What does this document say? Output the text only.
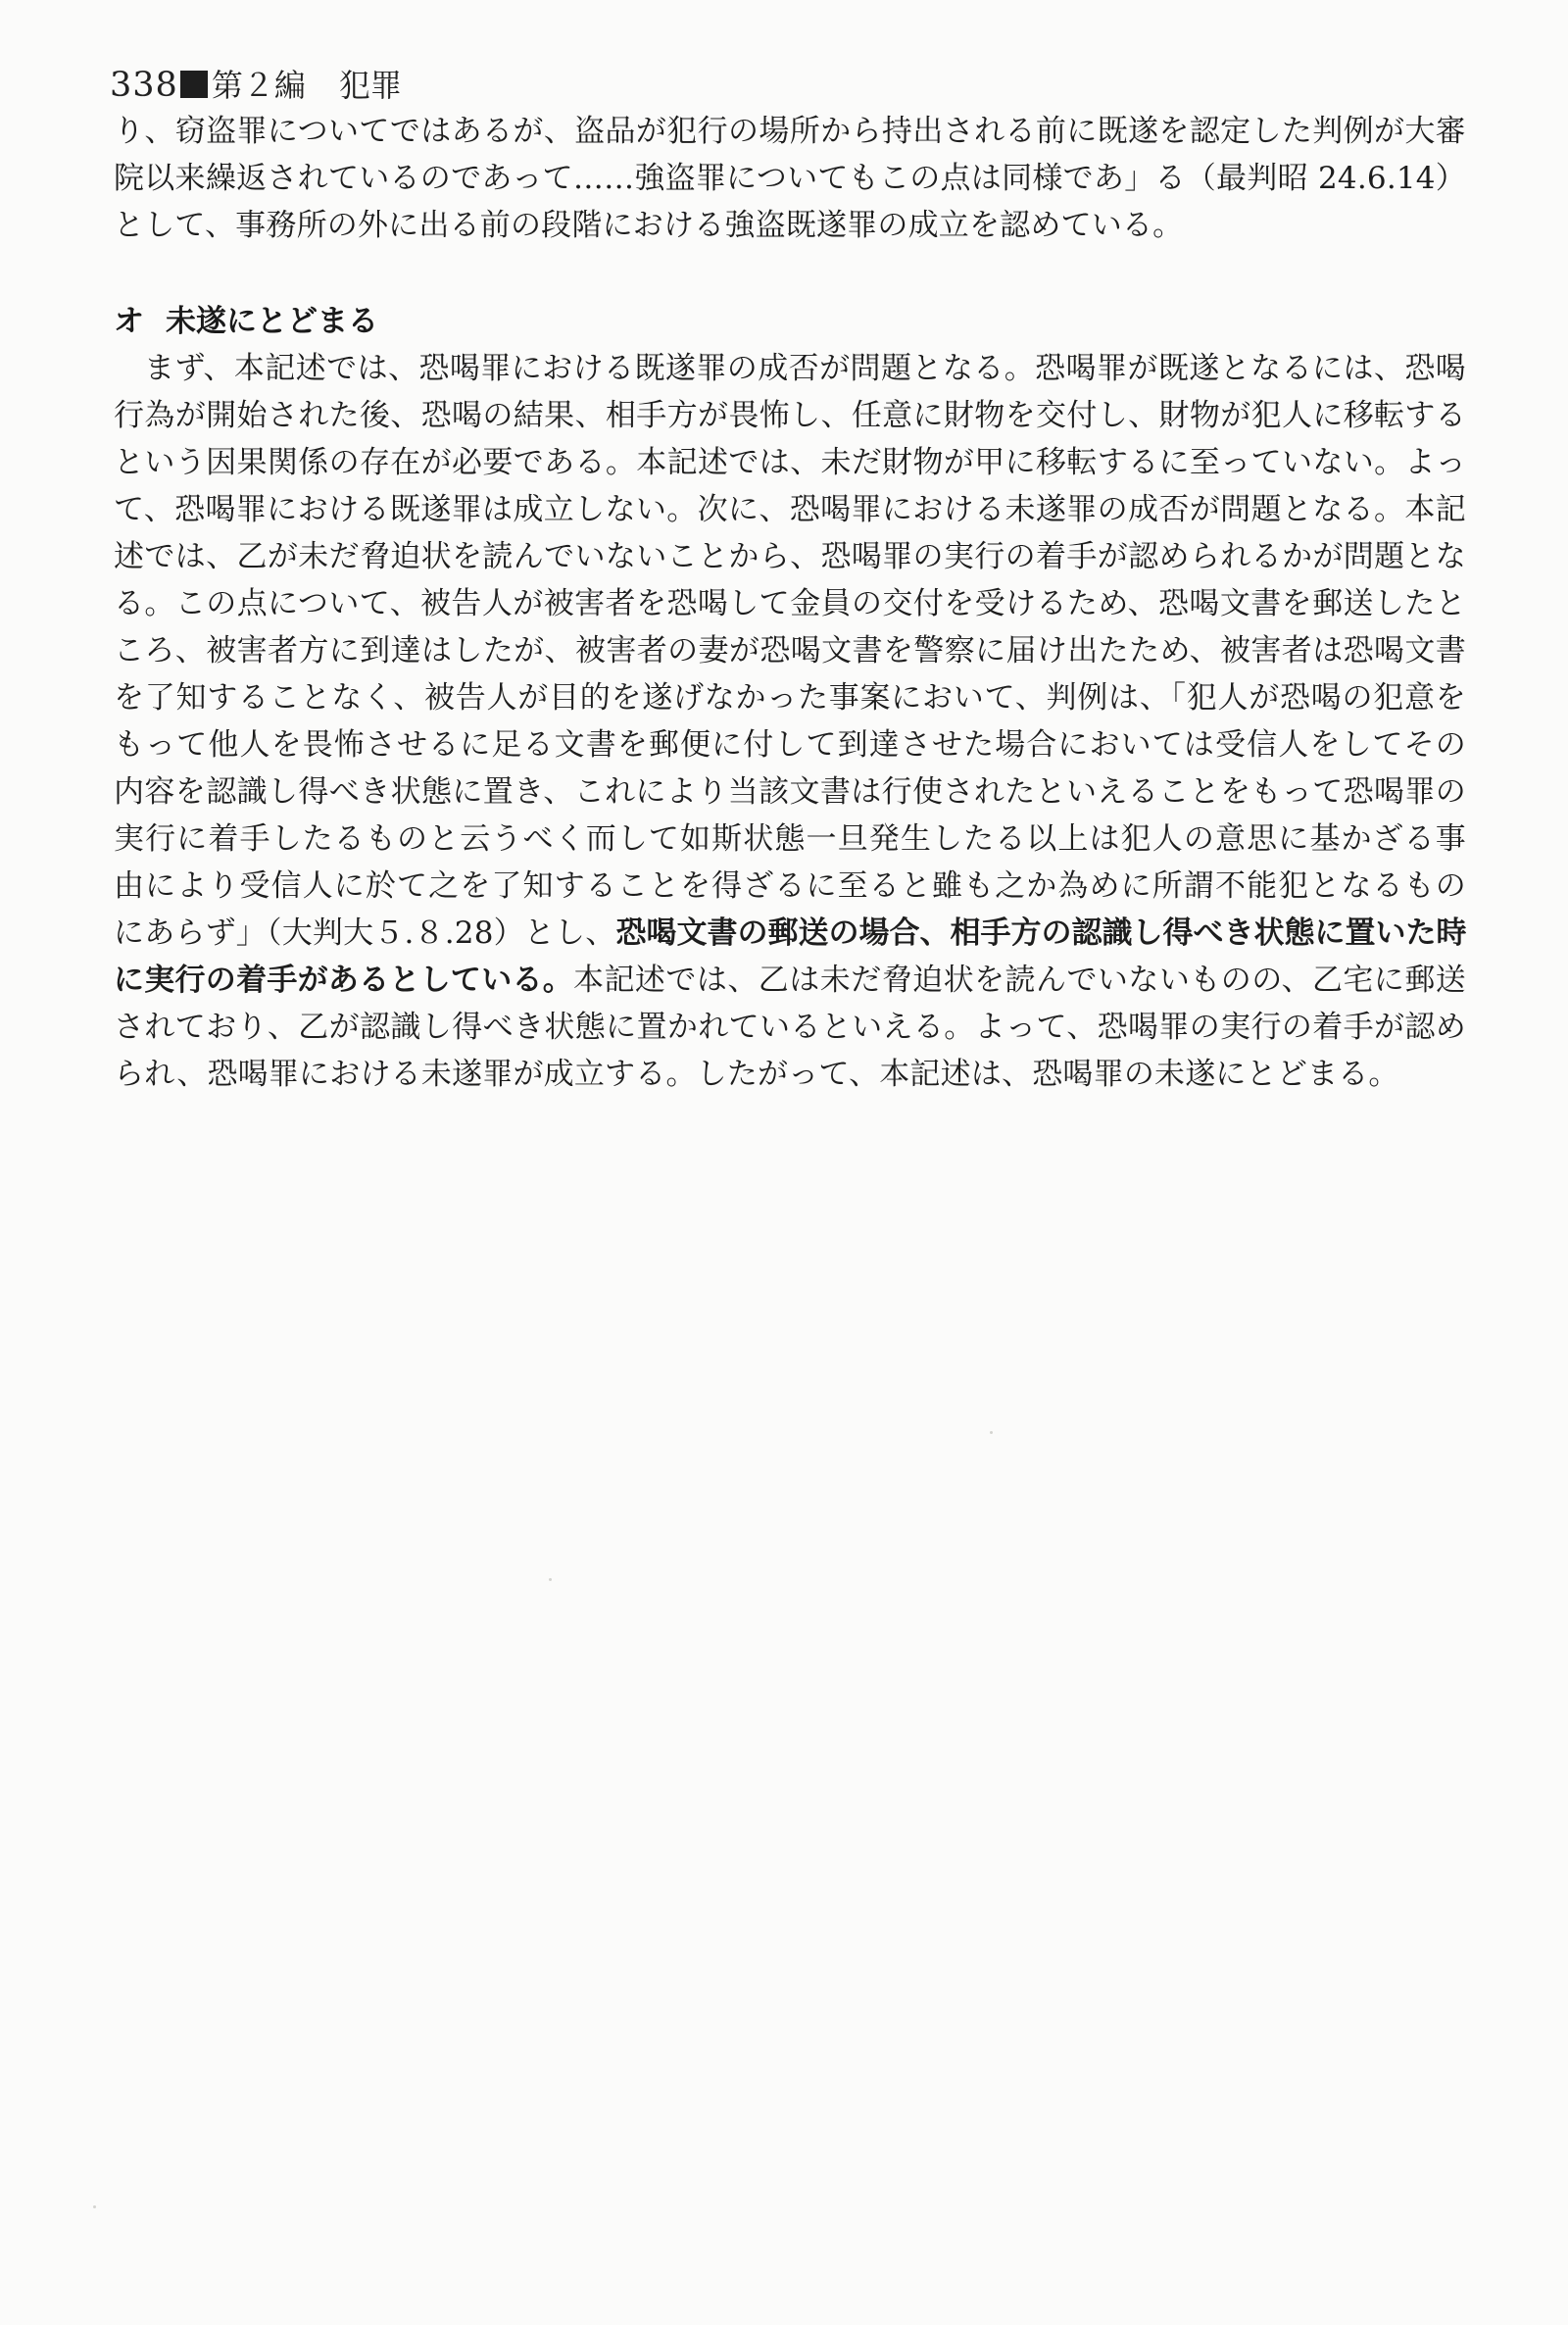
338 第２編 犯罪
り、窃盗罪についてではあるが、盗品が犯行の場所から持出される前に既遂を認定した判例が大審
院以来繰返されているのであって……強盗罪についてもこの点は同様であ」る（最判昭 24.6.14）
として、事務所の外に出る前の段階における強盗既遂罪の成立を認めている。
オ 未遂にとどまる
まず、本記述では、恐喝罪における既遂罪の成否が問題となる。恐喝罪が既遂となるには、恐喝
行為が開始された後、恐喝の結果、相手方が畏怖し、任意に財物を交付し、財物が犯人に移転する
という因果関係の存在が必要である。本記述では、未だ財物が甲に移転するに至っていない。よっ
て、恐喝罪における既遂罪は成立しない。次に、恐喝罪における未遂罪の成否が問題となる。本記
述では、乙が未だ脅迫状を読んでいないことから、恐喝罪の実行の着手が認められるかが問題とな
る。この点について、被告人が被害者を恐喝して金員の交付を受けるため、恐喝文書を郵送したと
ころ、被害者方に到達はしたが、被害者の妻が恐喝文書を警察に届け出たため、被害者は恐喝文書
を了知することなく、被告人が目的を遂げなかった事案において、判例は、「犯人が恐喝の犯意を
もって他人を畏怖させるに足る文書を郵便に付して到達させた場合においては受信人をしてその
内容を認識し得べき状態に置き、これにより当該文書は行使されたといえることをもって恐喝罪の
実行に着手したるものと云うべく而して如斯状態一旦発生したる以上は犯人の意思に基かざる事
由により受信人に於て之を了知することを得ざるに至ると雖も之か為めに所謂不能犯となるもの
にあらず」（大判大５.８.28）とし、恐喝文書の郵送の場合、相手方の認識し得べき状態に置いた時
に実行の着手があるとしている。本記述では、乙は未だ脅迫状を読んでいないものの、乙宅に郵送
されており、乙が認識し得べき状態に置かれているといえる。よって、恐喝罪の実行の着手が認め
られ、恐喝罪における未遂罪が成立する。したがって、本記述は、恐喝罪の未遂にとどまる。
